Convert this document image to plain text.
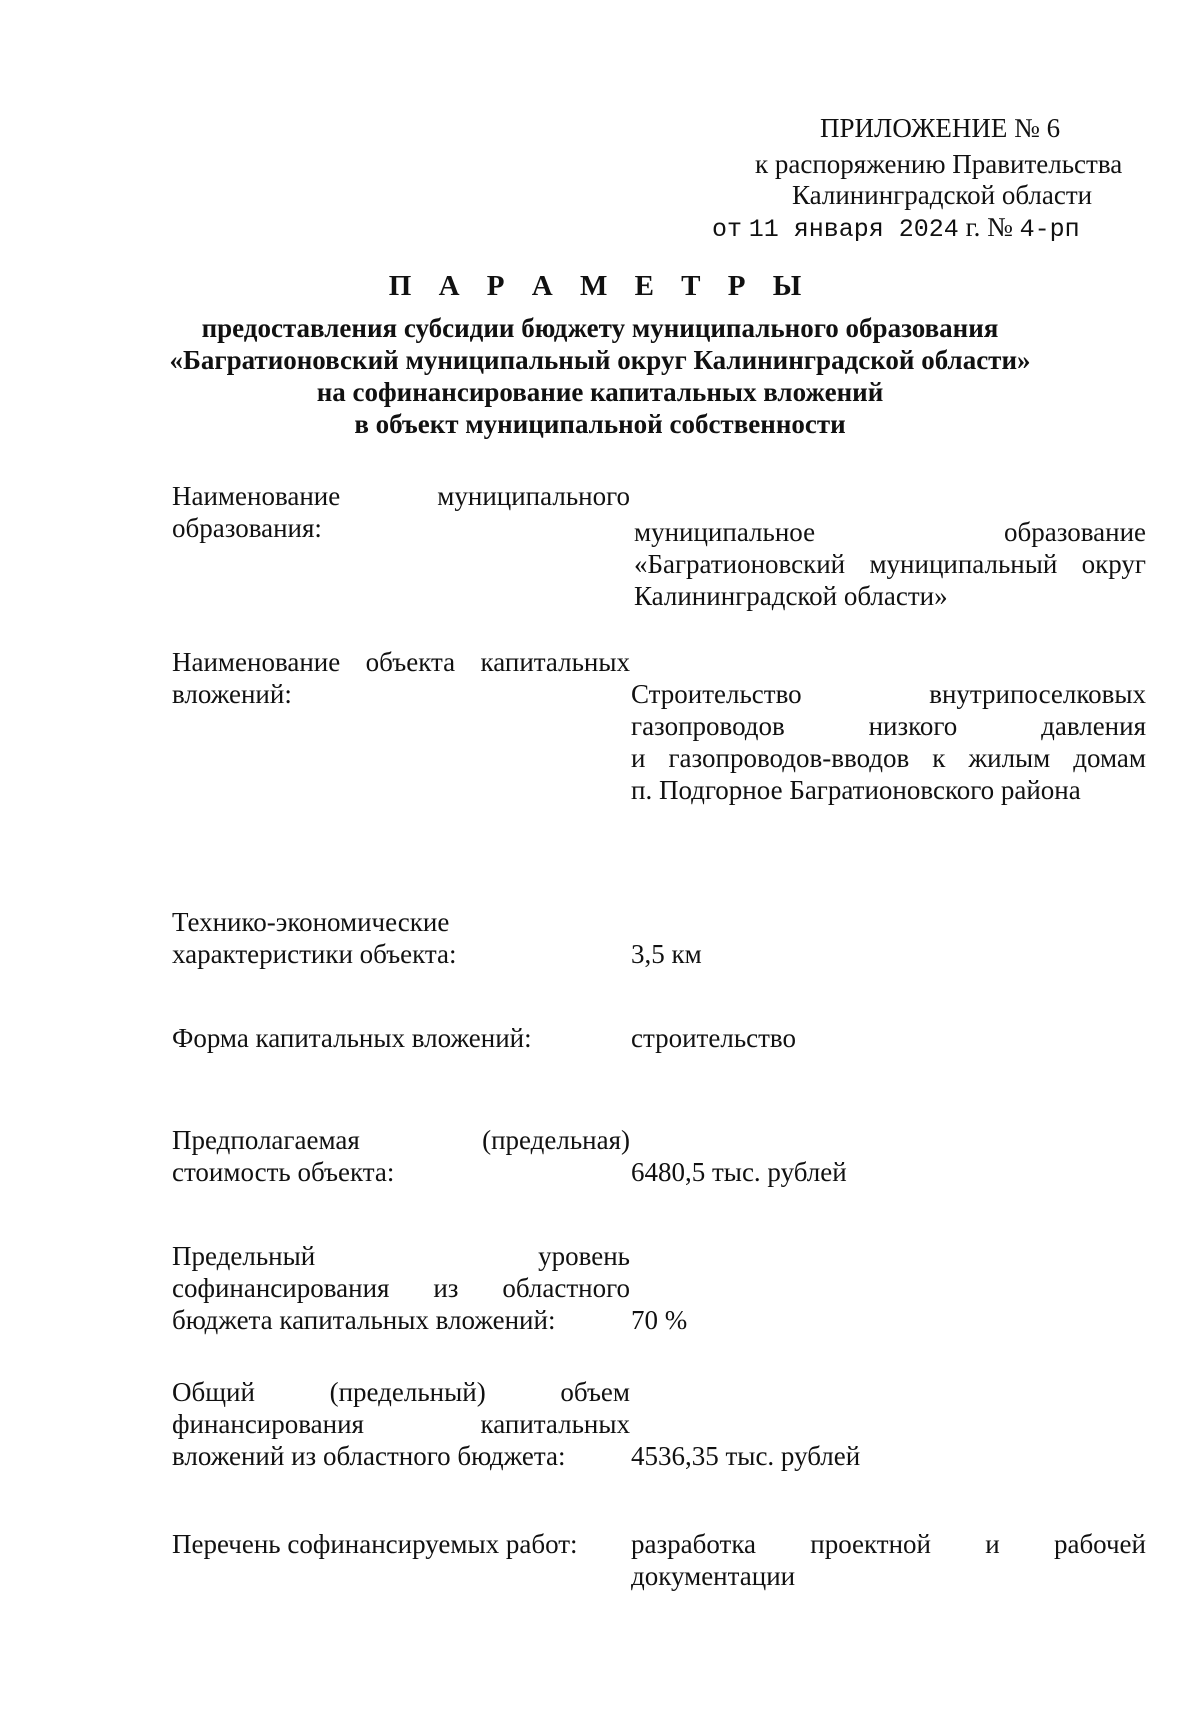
ПРИЛОЖЕНИЕ № 6
к распоряжению Правительства
Калининградской области
от 11 января 2024 г. № 4-рп
П А Р А М Е Т Р Ы
предоставления субсидии бюджету муниципального образования
«Багратионовский муниципальный округ Калининградской области»
на софинансирование капитальных вложений
в объект муниципальной собственности
Наименование муниципального
образования:	муниципальное образование
«Багратионовский муниципальный округ
Калининградской области»
Наименование объекта капитальных
вложений:	Строительство внутрипоселковых
газопроводов низкого давления
и газопроводов-вводов к жилым домам
п. Подгорное Багратионовского района
Технико-экономические
характеристики объекта:	3,5 км
Форма капитальных вложений:	строительство
Предполагаемая (предельная)
стоимость объекта:	6480,5 тыс. рублей
Предельный уровень
софинансирования из областного
бюджета капитальных вложений:	70 %
Общий (предельный) объем
финансирования капитальных
вложений из областного бюджета:	4536,35 тыс. рублей
Перечень софинансируемых работ:	разработка проектной и рабочей
документации
